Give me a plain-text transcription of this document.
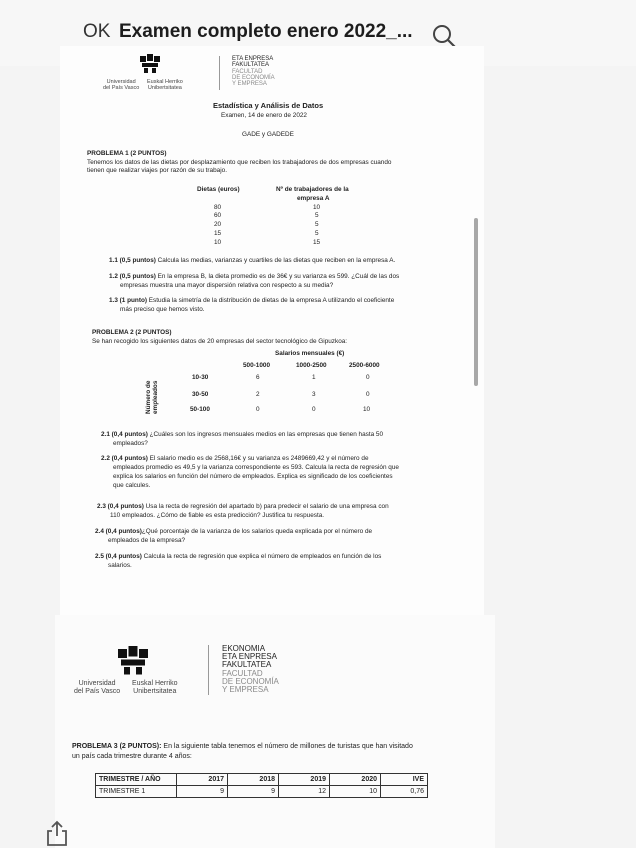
OK Examen completo enero 2022_...
Universidad
del País Vasco
Euskal Herriko
Unibertsitatea
ETA ENPRESA
FAKULTATEA
FACULTAD
DE ECONOMÍA
Y EMPRESA
Estadística y Análisis de Datos
Examen, 14 de enero de 2022
GADE y GADEDE
PROBLEMA 1 (2 PUNTOS)
Tenemos los datos de las dietas por desplazamiento que reciben los trabajadores de dos empresas cuando
tienen que realizar viajes por razón de su trabajo.
Dietas (euros)	Nº de trabajadores de la
empresa A
80	10
60	5
20	5
15	5
10	15
1.1 (0,5 puntos) Calcula las medias, varianzas y cuartiles de las dietas que reciben en la empresa A.
1.2 (0,5 puntos) En la empresa B, la dieta promedio es de 36€ y su varianza es 599. ¿Cuál de las dos
empresas muestra una mayor dispersión relativa con respecto a su media?
1.3 (1 punto) Estudia la simetría de la distribución de dietas de la empresa A utilizando el coeficiente
más preciso que hemos visto.
PROBLEMA 2 (2 PUNTOS)
Se han recogido los siguientes datos de 20 empresas del sector tecnológico de Gipuzkoa:
Salarios mensuales (€)
500-1000	1000-2500	2500-6000
Número de
empleados
10-30	6	1	0
30-50	2	3	0
50-100	0	0	10
2.1 (0,4 puntos) ¿Cuáles son los ingresos mensuales medios en las empresas que tienen hasta 50
empleados?
2.2 (0,4 puntos) El salario medio es de 2568,16€ y su varianza es 2489669,42 y el número de
empleados promedio es 49,5 y la varianza correspondiente es 593. Calcula la recta de regresión que
explica los salarios en función del número de empleados. Explica es significado de los coeficientes
que calcules.
2.3 (0,4 puntos) Usa la recta de regresión del apartado b) para predecir el salario de una empresa con
110 empleados. ¿Cómo de fiable es esta predicción? Justifica tu respuesta.
2.4 (0,4 puntos)¿Qué porcentaje de la varianza de los salarios queda explicada por el número de
empleados de la empresa?
2.5 (0,4 puntos) Calcula la recta de regresión que explica el número de empleados en función de los
salarios.
Universidad
del País Vasco
Euskal Herriko
Unibertsitatea
EKONOMIA
ETA ENPRESA
FAKULTATEA
FACULTAD
DE ECONOMÍA
Y EMPRESA
PROBLEMA 3 (2 PUNTOS): En la siguiente tabla tenemos el número de millones de turistas que han visitado
un país cada trimestre durante 4 años:
TRIMESTRE / AÑO	2017	2018	2019	2020	IVE
TRIMESTRE 1	9	9	12	10	0,76
